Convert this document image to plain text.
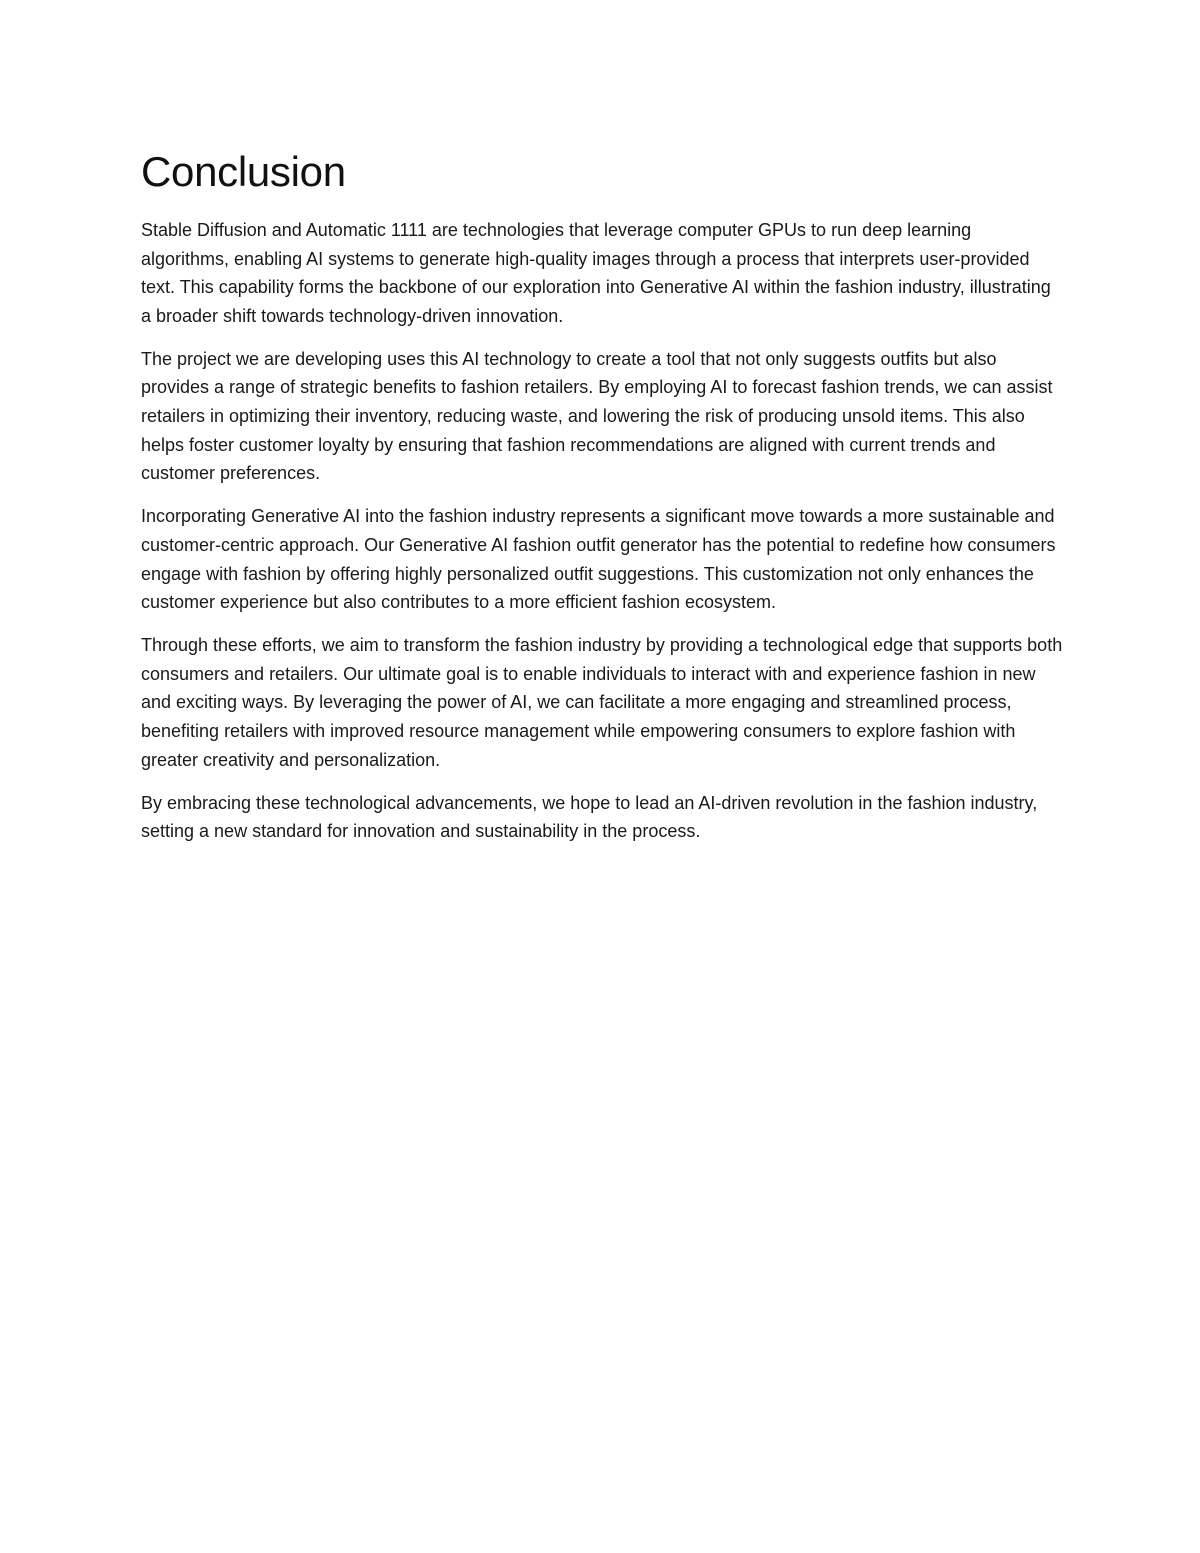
Conclusion

Stable Diffusion and Automatic 1111 are technologies that leverage computer GPUs to run deep learning algorithms, enabling AI systems to generate high-quality images through a process that interprets user-provided text. This capability forms the backbone of our exploration into Generative AI within the fashion industry, illustrating a broader shift towards technology-driven innovation.

The project we are developing uses this AI technology to create a tool that not only suggests outfits but also provides a range of strategic benefits to fashion retailers. By employing AI to forecast fashion trends, we can assist retailers in optimizing their inventory, reducing waste, and lowering the risk of producing unsold items. This also helps foster customer loyalty by ensuring that fashion recommendations are aligned with current trends and customer preferences.

Incorporating Generative AI into the fashion industry represents a significant move towards a more sustainable and customer-centric approach. Our Generative AI fashion outfit generator has the potential to redefine how consumers engage with fashion by offering highly personalized outfit suggestions. This customization not only enhances the customer experience but also contributes to a more efficient fashion ecosystem.

Through these efforts, we aim to transform the fashion industry by providing a technological edge that supports both consumers and retailers. Our ultimate goal is to enable individuals to interact with and experience fashion in new and exciting ways. By leveraging the power of AI, we can facilitate a more engaging and streamlined process, benefiting retailers with improved resource management while empowering consumers to explore fashion with greater creativity and personalization.

By embracing these technological advancements, we hope to lead an AI-driven revolution in the fashion industry, setting a new standard for innovation and sustainability in the process.
